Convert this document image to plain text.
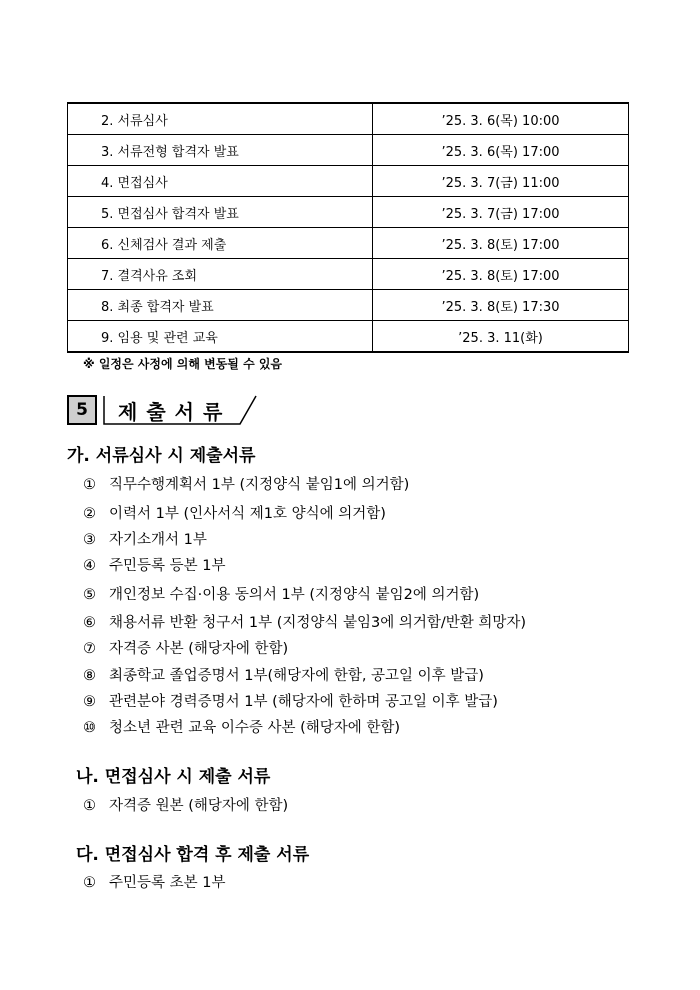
2. 서류심사	’25. 3. 6(목) 10:00
3. 서류전형 합격자 발표	’25. 3. 6(목) 17:00
4. 면접심사	’25. 3. 7(금) 11:00
5. 면접심사 합격자 발표	’25. 3. 7(금) 17:00
6. 신체검사 결과 제출	’25. 3. 8(토) 17:00
7. 결격사유 조회	’25. 3. 8(토) 17:00
8. 최종 합격자 발표	’25. 3. 8(토) 17:30
9. 임용 및 관련 교육	’25. 3. 11(화)
※ 일정은 사정에 의해 변동될 수 있음
5	제출서류
가. 서류심사 시 제출서류
① 직무수행계획서 1부 (지정양식 붙임1에 의거함)
② 이력서 1부 (인사서식 제1호 양식에 의거함)
③ 자기소개서 1부
④ 주민등록 등본 1부
⑤ 개인정보 수집·이용 동의서 1부 (지정양식 붙임2에 의거함)
⑥ 채용서류 반환 청구서 1부 (지정양식 붙임3에 의거함/반환 희망자)
⑦ 자격증 사본 (해당자에 한함)
⑧ 최종학교 졸업증명서 1부(해당자에 한함, 공고일 이후 발급)
⑨ 관련분야 경력증명서 1부 (해당자에 한하며 공고일 이후 발급)
⑩ 청소년 관련 교육 이수증 사본 (해당자에 한함)
나. 면접심사 시 제출 서류
① 자격증 원본 (해당자에 한함)
다. 면접심사 합격 후 제출 서류
① 주민등록 초본 1부
